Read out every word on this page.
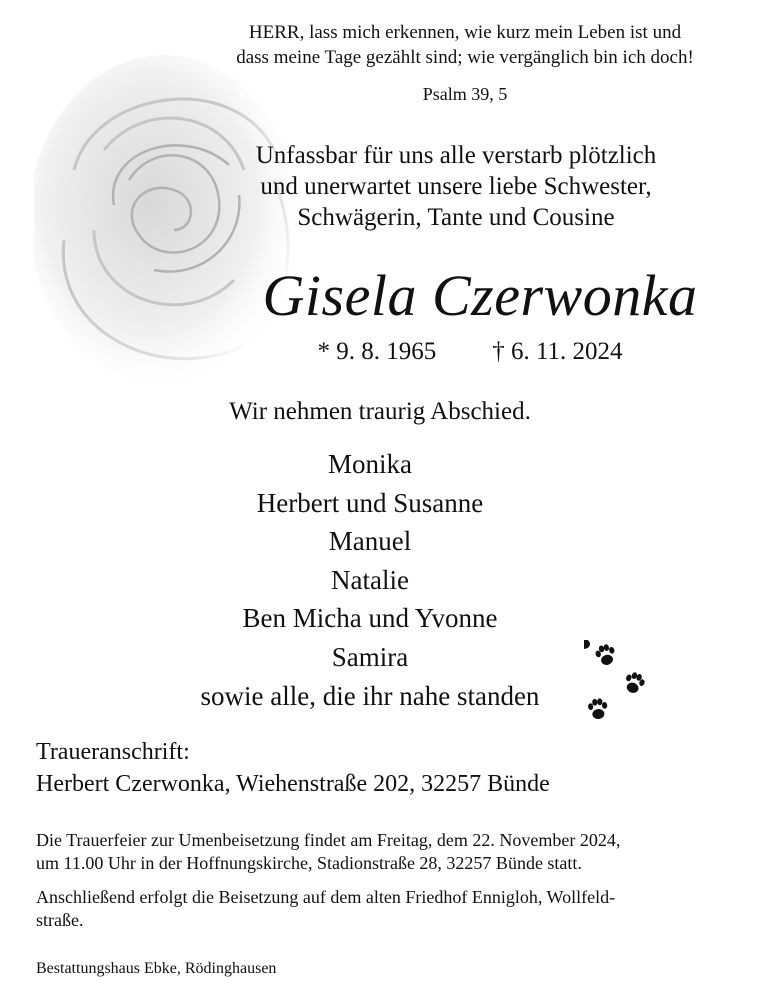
HERR, lass mich erkennen, wie kurz mein Leben ist und
dass meine Tage gezählt sind; wie vergänglich bin ich doch!
Psalm 39, 5
Unfassbar für uns alle verstarb plötzlich
und unerwartet unsere liebe Schwester,
Schwägerin, Tante und Cousine
Gisela Czerwonka
* 9. 8. 1965 † 6. 11. 2024
Wir nehmen traurig Abschied.
Monika
Herbert und Susanne
Manuel
Natalie
Ben Micha und Yvonne
Samira
sowie alle, die ihr nahe standen
Traueranschrift:
Herbert Czerwonka, Wiehenstraße 202, 32257 Bünde
Die Trauerfeier zur Umenbeisetzung findet am Freitag, dem 22. November 2024,
um 11.00 Uhr in der Hoffnungskirche, Stadionstraße 28, 32257 Bünde statt.
Anschließend erfolgt die Beisetzung auf dem alten Friedhof Ennigloh, Wollfeld-
straße.
Bestattungshaus Ebke, Rödinghausen
